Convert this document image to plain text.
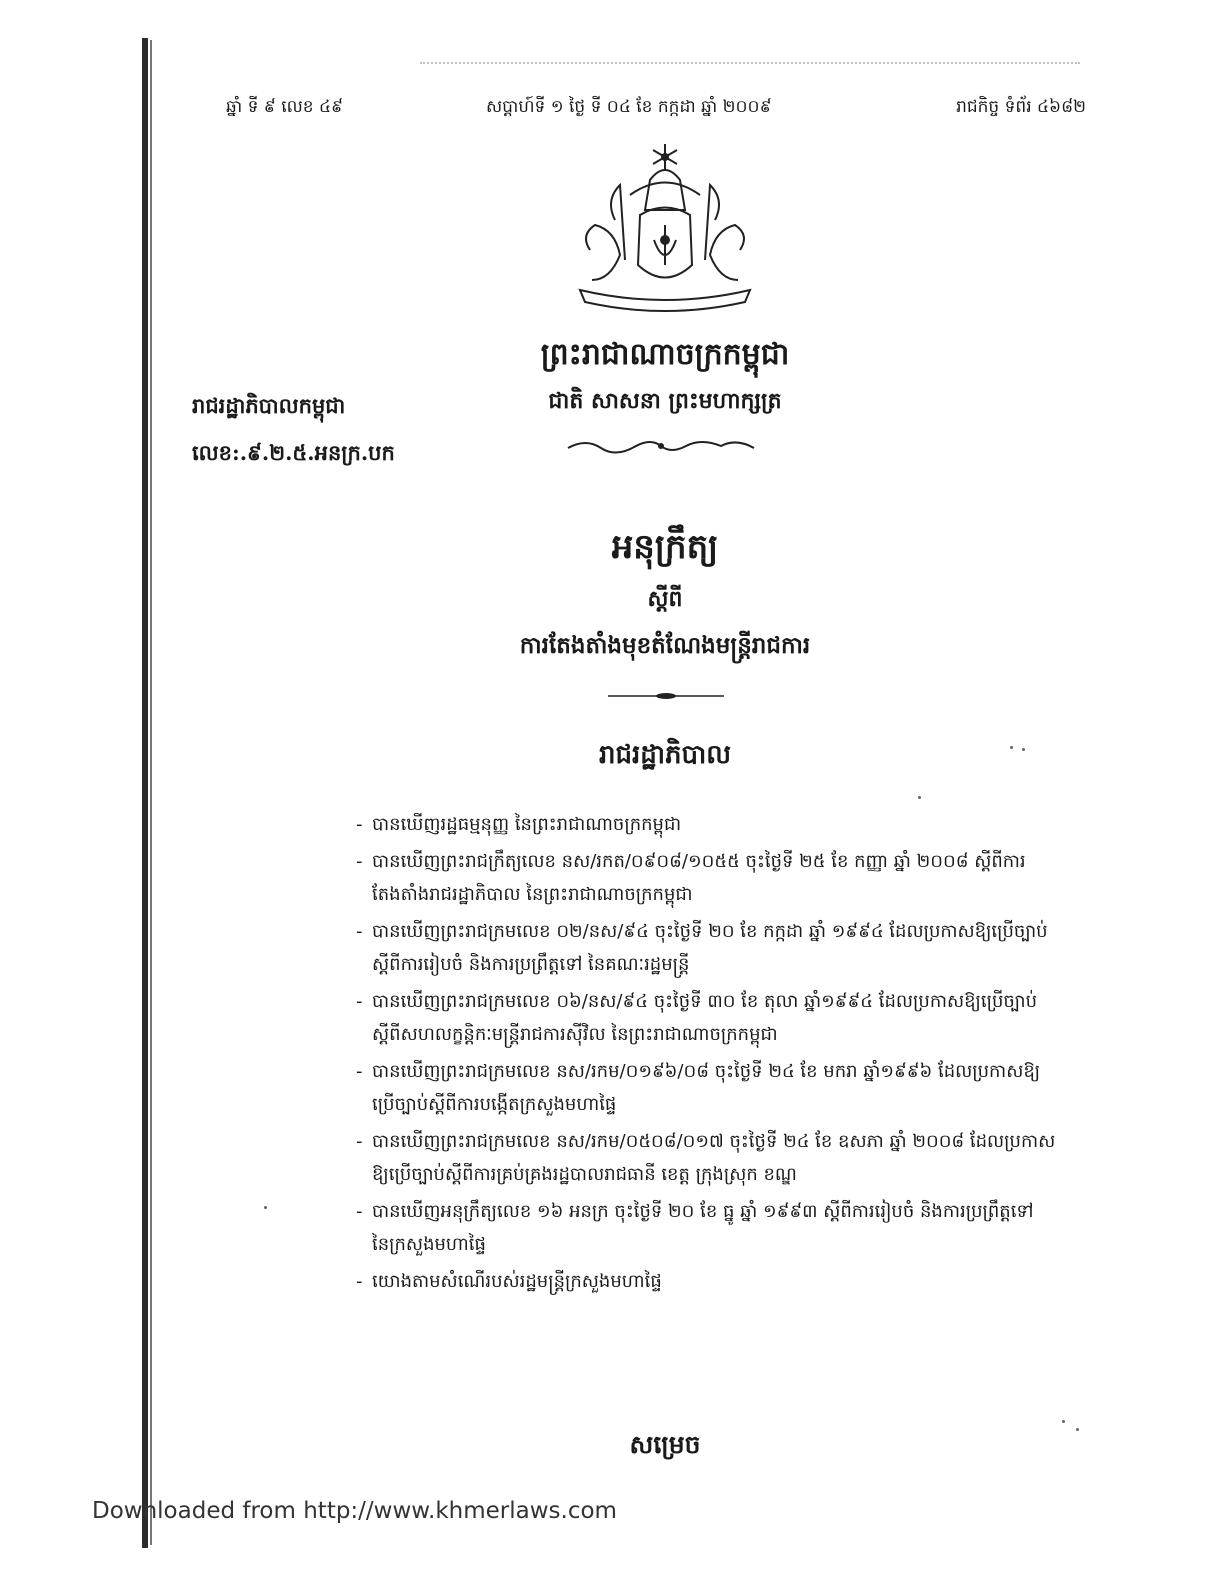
ឆ្នាំ ទី ៩ លេខ ៤៩	សប្ដាហ៍ទី ១ ថ្ងៃ ទី ០៤ ខែ កក្កដា ឆ្នាំ ២០០៩	រាជកិច្ច ទំព័រ ៤៦៨២
ព្រះរាជាណាចក្រកម្ពុជា
ជាតិ សាសនា ព្រះមហាក្សត្រ
រាជរដ្ឋាភិបាលកម្ពុជា
លេខ:.៩.២.៥.អនក្រ.បក
អនុក្រឹត្យ
ស្ដីពី
ការតែងតាំងមុខតំណែងមន្ត្រីរាជការ
រាជរដ្ឋាភិបាល
- បានឃើញរដ្ឋធម្មនុញ្ញ នៃព្រះរាជាណាចក្រកម្ពុជា
- បានឃើញព្រះរាជក្រឹត្យលេខ នស/រកត/០៩០៨/១០៥៥ ចុះថ្ងៃទី ២៥ ខែ កញ្ញា ឆ្នាំ ២០០៨ ស្ដីពីការ
តែងតាំងរាជរដ្ឋាភិបាល នៃព្រះរាជាណាចក្រកម្ពុជា
- បានឃើញព្រះរាជក្រមលេខ ០២/នស/៩៤ ចុះថ្ងៃទី ២០ ខែ កក្កដា ឆ្នាំ ១៩៩៤ ដែលប្រកាសឱ្យប្រើច្បាប់
ស្ដីពីការរៀបចំ និងការប្រព្រឹត្តទៅ នៃគណៈរដ្ឋមន្ត្រី
- បានឃើញព្រះរាជក្រមលេខ ០៦/នស/៩៤ ចុះថ្ងៃទី ៣០ ខែ តុលា ឆ្នាំ១៩៩៤ ដែលប្រកាសឱ្យប្រើច្បាប់
ស្ដីពីសហលក្ខន្តិកៈមន្ត្រីរាជការស៊ីវិល នៃព្រះរាជាណាចក្រកម្ពុជា
- បានឃើញព្រះរាជក្រមលេខ នស/រកម/០១៩៦/០៨ ចុះថ្ងៃទី ២៤ ខែ មករា ឆ្នាំ១៩៩៦ ដែលប្រកាសឱ្យ
ប្រើច្បាប់ស្ដីពីការបង្កើតក្រសួងមហាផ្ទៃ
- បានឃើញព្រះរាជក្រមលេខ នស/រកម/០៥០៨/០១៧ ចុះថ្ងៃទី ២៤ ខែ ឧសភា ឆ្នាំ ២០០៨ ដែលប្រកាស
ឱ្យប្រើច្បាប់ស្ដីពីការគ្រប់គ្រងរដ្ឋបាលរាជធានី ខេត្ត ក្រុងស្រុក ខណ្ឌ
- បានឃើញអនុក្រឹត្យលេខ ១៦ អនក្រ ចុះថ្ងៃទី ២០ ខែ ធ្នូ ឆ្នាំ ១៩៩៣ ស្ដីពីការរៀបចំ និងការប្រព្រឹត្តទៅ
នៃក្រសួងមហាផ្ទៃ
- យោងតាមសំណើរបស់រដ្ឋមន្ត្រីក្រសួងមហាផ្ទៃ
សម្រេច
Downloaded from http://www.khmerlaws.com
